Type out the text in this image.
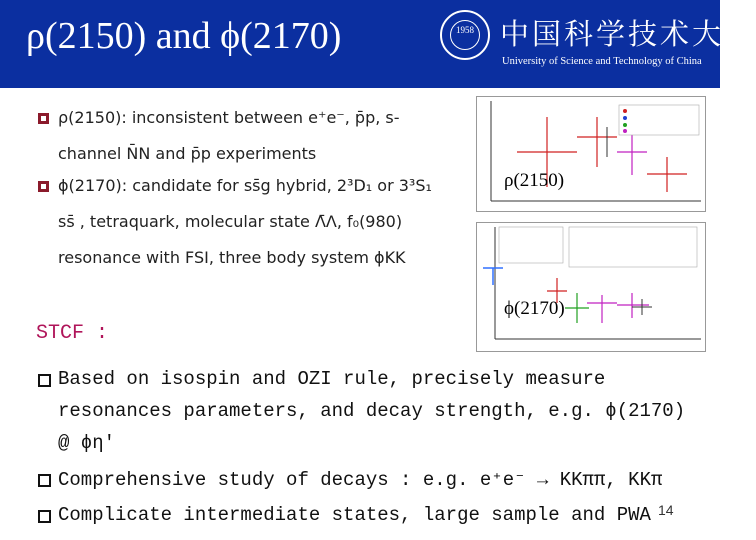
ρ(2150) and ϕ(2170)	1958 中国科学技术大学
University of Science and Technology of China
ρ(2150): inconsistent between e⁺e⁻, p̄p, s-
channel N̄N and p̄p experiments
ϕ(2170): candidate for ss̄g hybrid, 2³D₁ or 3³S₁
ss̄ , tetraquark, molecular state Λ̄Λ, f₀(980)
resonance with FSI, three body system ϕKK
ρ(2150)
ϕ(2170)
STCF :
Based on isospin and OZI rule, precisely measure
resonances parameters, and decay strength, e.g. ϕ(2170)
@ ϕη′
Comprehensive study of decays : e.g. e⁺e⁻ → KKππ, KKπ
Complicate intermediate states, large sample and PWA 14
